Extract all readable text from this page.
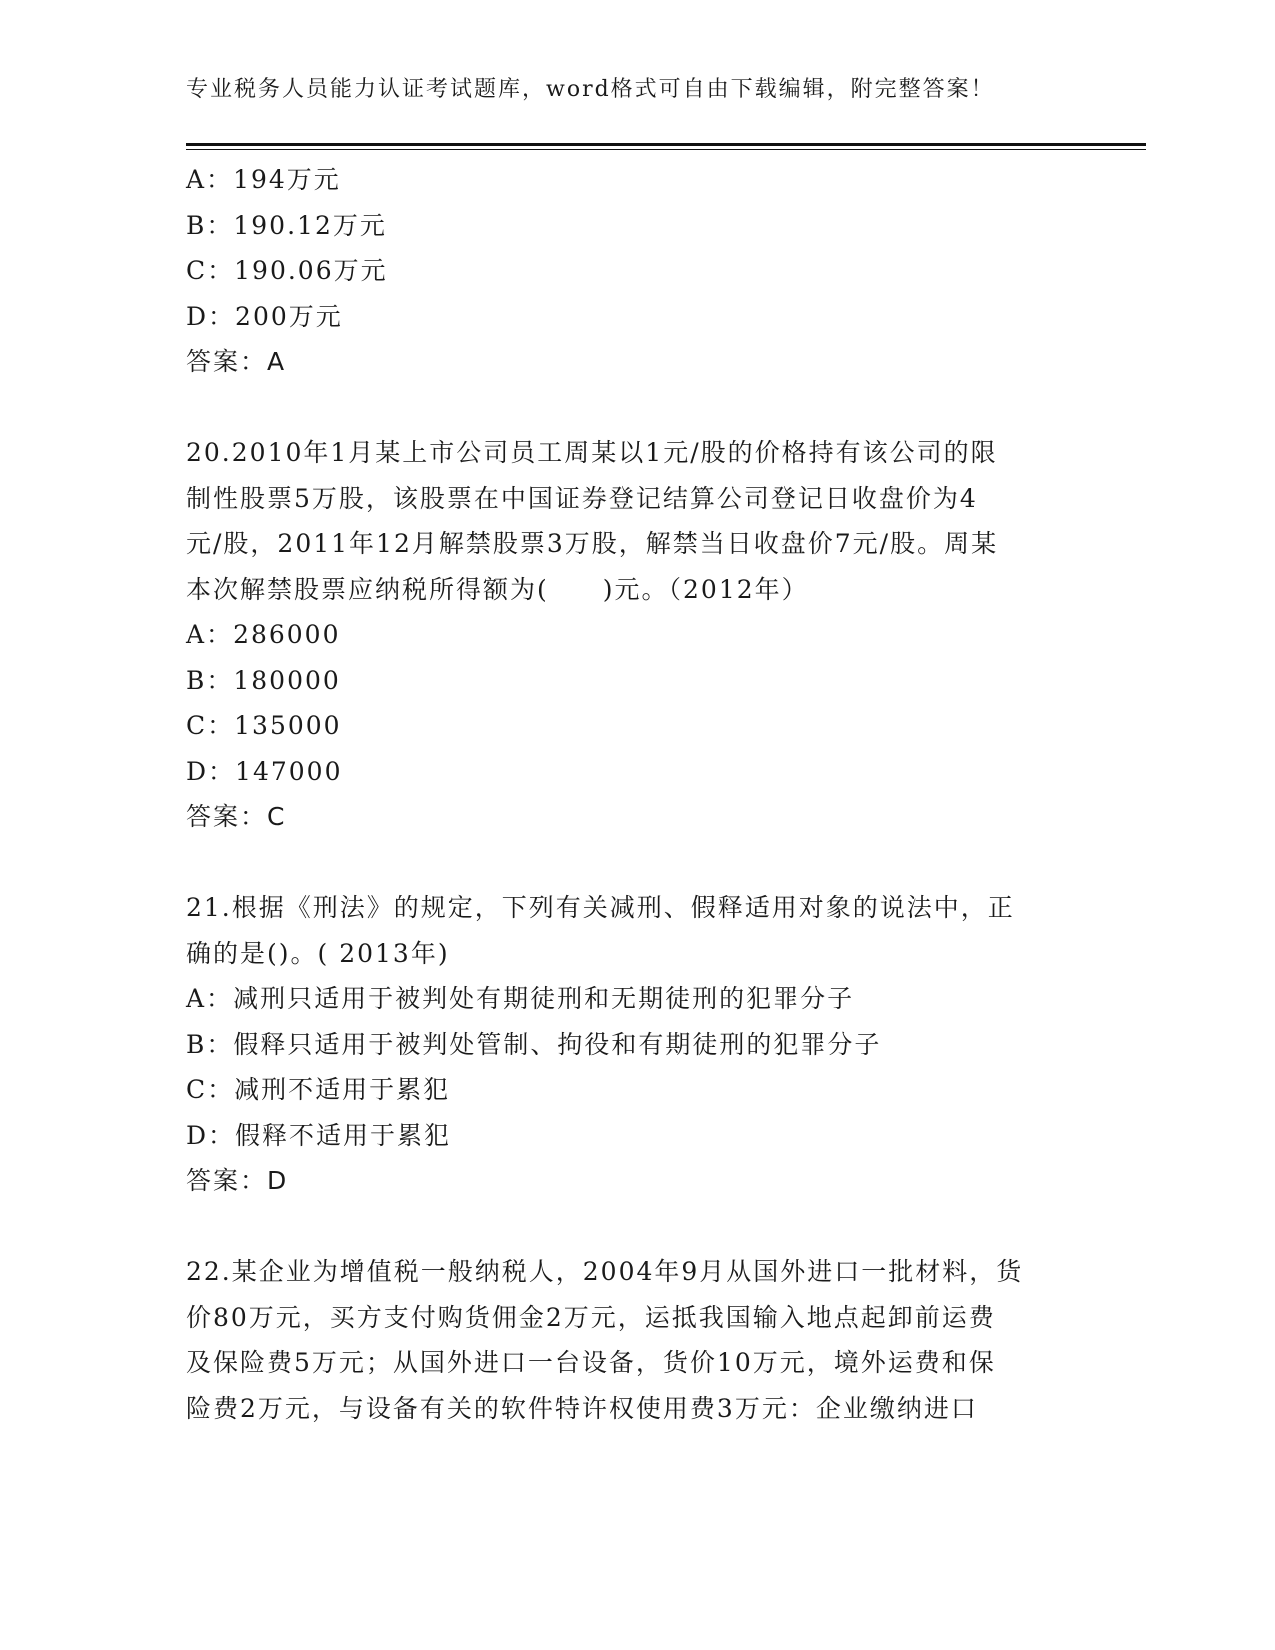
专业税务人员能力认证考试题库，word格式可自由下载编辑，附完整答案！
A：194万元
B：190.12万元
C：190.06万元
D：200万元
答案：A
20.2010年1月某上市公司员工周某以1元/股的价格持有该公司的限
制性股票5万股，该股票在中国证券登记结算公司登记日收盘价为4
元/股，2011年12月解禁股票3万股，解禁当日收盘价7元/股。周某
本次解禁股票应纳税所得额为(　　)元。（2012年）
A：286000
B：180000
C：135000
D：147000
答案：C
21.根据《刑法》的规定，下列有关减刑、假释适用对象的说法中，正
确的是()。( 2013年)
A：减刑只适用于被判处有期徒刑和无期徒刑的犯罪分子
B：假释只适用于被判处管制、拘役和有期徒刑的犯罪分子
C：减刑不适用于累犯
D：假释不适用于累犯
答案：D
22.某企业为增值税一般纳税人，2004年9月从国外进口一批材料，货
价80万元，买方支付购货佣金2万元，运抵我国输入地点起卸前运费
及保险费5万元；从国外进口一台设备，货价10万元，境外运费和保
险费2万元，与设备有关的软件特许权使用费3万元：企业缴纳进口
